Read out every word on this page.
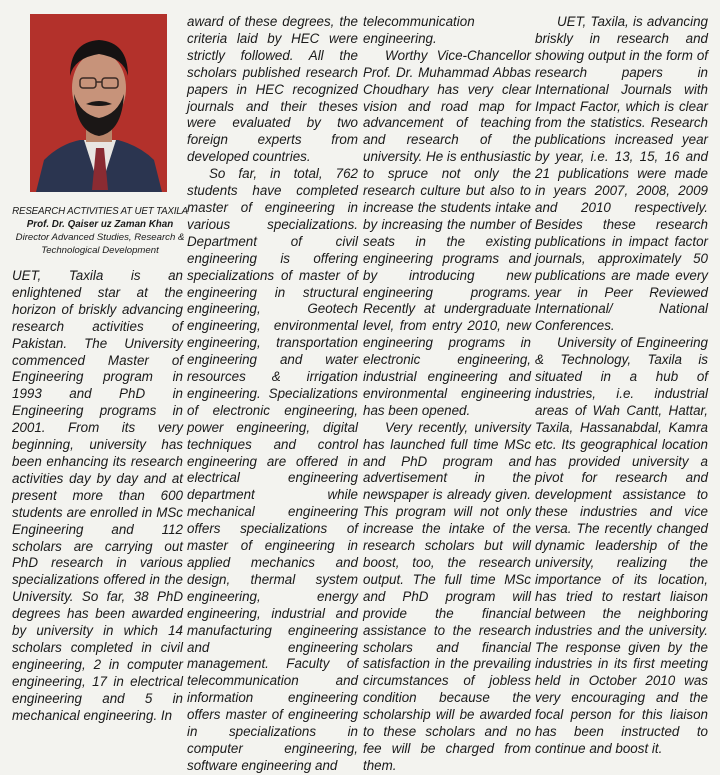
RESEARCH ACTIVITIES AT UET TAXILA
Prof. Dr. Qaiser uz Zaman Khan
Director Advanced Studies, Research & Technological Development

UET, Taxila is an enlightened star at the horizon of briskly advancing research activities of Pakistan. The University commenced Master of Engineering program in 1993 and PhD in Engineering programs in 2001. From its very beginning, university has been enhancing its research activities day by day and at present more than 600 students are enrolled in MSc Engineering and 112 scholars are carrying out PhD research in various specializations offered in the University. So far, 38 PhD degrees has been awarded by university in which 14 scholars completed in civil engineering, 2 in computer engineering, 17 in electrical engineering and 5 in mechanical engineering. In

award of these degrees, the criteria laid by HEC were strictly followed. All the scholars published research papers in HEC recognized journals and their theses were evaluated by two foreign experts from developed countries.

So far, in total, 762 students have completed master of engineering in various specializations. Department of civil engineering is offering specializations of master of engineering in structural engineering, Geotech engineering, environmental engineering, transportation engineering and water resources & irrigation engineering. Specializations of electronic engineering, power engineering, digital techniques and control engineering are offered in electrical engineering department while mechanical engineering offers specializations of master of engineering in applied mechanics and design, thermal system engineering, energy engineering, industrial and manufacturing engineering and engineering management. Faculty of telecommunication and information engineering offers master of engineering in specializations in computer engineering, software engineering and

telecommunication engineering.

Worthy Vice-Chancellor Prof. Dr. Muhammad Abbas Choudhary has very clear vision and road map for advancement of teaching and research of the university. He is enthusiastic to spruce not only the research culture but also to increase the students intake by increasing the number of seats in the existing engineering programs and by introducing new engineering programs. Recently at undergraduate level, from entry 2010, new engineering programs in electronic engineering, industrial engineering and environmental engineering has been opened.

Very recently, university has launched full time MSc and PhD program and advertisement in the newspaper is already given. This program will not only increase the intake of the research scholars but will boost, too, the research output. The full time MSc and PhD program will provide the financial assistance to the research scholars and financial satisfaction in the prevailing circumstances of jobless condition because the scholarship will be awarded to these scholars and no fee will be charged from them.

UET, Taxila, is advancing briskly in research and showing output in the form of research papers in International Journals with Impact Factor, which is clear from the statistics. Research publications increased year by year, i.e. 13, 15, 16 and 21 publications were made in years 2007, 2008, 2009 and 2010 respectively. Besides these research publications in impact factor journals, approximately 50 publications are made every year in Peer Reviewed International/ National Conferences.

University of Engineering & Technology, Taxila is situated in a hub of industries, i.e. industrial areas of Wah Cantt, Hattar, Taxila, Hassanabdal, Kamra etc. Its geographical location has provided university a pivot for research and development assistance to these industries and vice versa. The recently changed dynamic leadership of the university, realizing the importance of its location, has tried to restart liaison between the neighboring industries and the university. The response given by the industries in its first meeting held in October 2010 was very encouraging and the focal person for this liaison has been instructed to continue and boost it.
